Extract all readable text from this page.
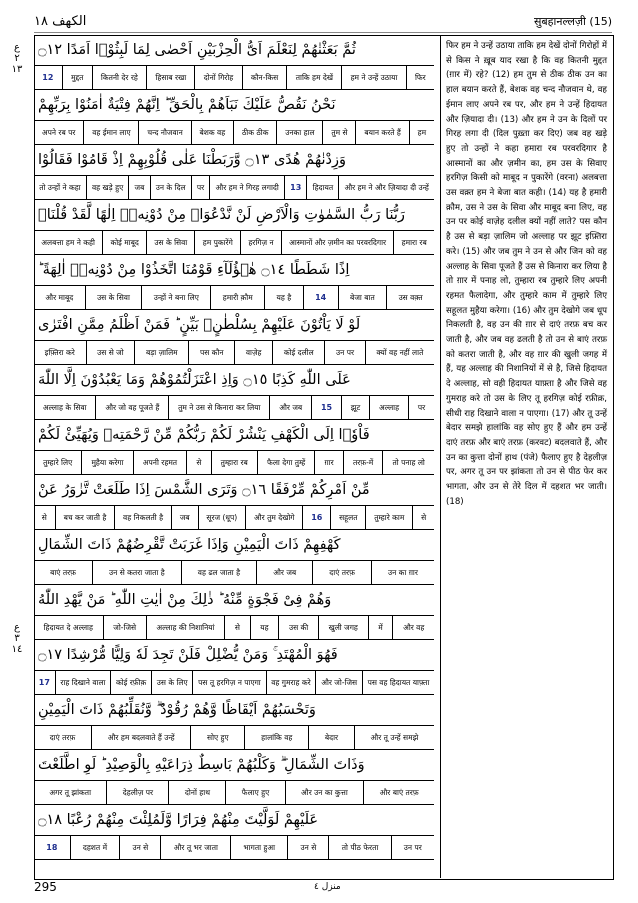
الکهف ١٨	सुबहानल्लज़ी (15)
ع
٢
١٣
ع
٣
١٤
ثُمَّ بَعَثْنٰهُمْ لِنَعْلَمَ اَیُّ الْحِزْبَیْنِ اَحْصٰی لِمَا لَبِثُوْۤا اَمَدًا ۝١٢
फिर
हम ने उन्हें उठाया
ताकि हम देखें
कौन-किस
दोनों गिरोह
हिसाब रखा
कितनी देर रहे
मुद्दत
12
نَحْنُ نَقُصُّ عَلَیْكَ نَبَاَهُمْ بِالْحَقِّ ؕ اِنَّهُمْ فِتْیَةٌ اٰمَنُوْا بِرَبِّهِمْ
हम
बयान करते हैं
तुम से
उनका हाल
ठीक ठीक
बेशक वह
चन्द नौजवान
वह ईमान लाए
अपने रब पर
وَزِدْنٰهُمْ هُدًی ۝١٣ وَّرَبَطْنَا عَلٰی قُلُوْبِهِمْ اِذْ قَامُوْا فَقَالُوْا
और हम ने और ज़ियादा दी उन्हें
हिदायत
13
और हम ने गिरह लगादी
पर
उन के दिल
जब
वह खड़े हुए
तो उन्हों ने कहा
رَبُّنَا رَبُّ السَّمٰوٰتِ وَالْاَرْضِ لَنْ نَّدْعُوَاۡ مِنْ دُوْنِهٖۤ اِلٰهًا لَّقَدْ قُلْنَاۤ
हमारा रब
आस्मानों और ज़मीन का परवरदिगार
हरगिज़ न
हम पुकारेंगे
उस के सिवा
कोई माबूद
अलबत्ता हम ने कही
اِذًا شَطَطًا ۝١٤ هٰۤؤُلَآءِ قَوْمُنَا اتَّخَذُوْا مِنْ دُوْنِهٖۤ اٰلِهَةً ؕ
उस वक़्त
बेजा बात
14
यह है
हमारी क़ौम
उन्हों ने बना लिए
उस के सिवा
और माबूद
لَوْ لَا یَاْتُوْنَ عَلَیْهِمْ بِسُلْطٰنٍۭ بَیِّنٍ ؕ فَمَنْ اَظْلَمُ مِمَّنِ افْتَرٰی
क्यों वह नहीं लाते
उन पर
कोई दलील
वाज़ेह
पस कौन
बड़ा ज़ालिम
उस से जो
इफ़्तिरा करे
عَلَی اللّٰهِ كَذِبًا ۝١٥ وَاِذِ اعْتَزَلْتُمُوْهُمْ وَمَا یَعْبُدُوْنَ اِلَّا اللّٰهَ
पर
अल्लाह
झूट
15
और जब
तुम ने उस से किनारा कर लिया
और जो वह पूजते हैं
अल्लाह के सिवा
فَاْوٗۤا اِلَی الْكَهْفِ یَنْشُرْ لَكُمْ رَبُّكُمْ مِّنْ رَّحْمَتِهٖ وَیُهَیِّئْ لَكُمْ
तो पनाह लो
तरफ़-में
ग़ार
फैला देगा तुम्हें
तुम्हारा रब
से
अपनी रहमत
मुहैया करेगा
तुम्हारे लिए
مِّنْ اَمْرِكُمْ مِّرْفَقًا ۝١٦ وَتَرَی الشَّمْسَ اِذَا طَلَعَتْ تَّزٰوَرُ عَنْ
से
तुम्हारे काम
सहूलत
16
और तुम देखोगे
सूरज (धूप)
जब
वह निकलती है
बच कर जाती है
से
كَهْفِهِمْ ذَاتَ الْیَمِیْنِ وَاِذَا غَرَبَتْ تَّقْرِضُهُمْ ذَاتَ الشِّمَالِ
उन का ग़ार
दाएं तरफ़
और जब
वह ढल जाता है
उन से कतरा जाता है
बाएं तरफ़
وَهُمْ فِیْ فَجْوَةٍ مِّنْهُ ؕ ذٰلِكَ مِنْ اٰیٰتِ اللّٰهِ ؕ مَنْ یَّهْدِ اللّٰهُ
और वह
में
खुली जगह
उस की
यह
से
अल्लाह की निशानियां
जो-जिसे
हिदायत दे अल्लाह
فَهُوَ الْمُهْتَدِ ۚ وَمَنْ یُّضْلِلْ فَلَنْ تَجِدَ لَهٗ وَلِیًّا مُّرْشِدًا ۝١٧
पस वह हिदायत याफ़्ता
और जो-जिस
वह गुमराह करे
पस तू हरगिज़ न पाएगा
उस के लिए
कोई रफ़ीक़
राह दिखाने वाला
17
وَتَحْسَبُهُمْ اَیْقَاظًا وَّهُمْ رُقُوْدٌ ۖۗ وَّنُقَلِّبُهُمْ ذَاتَ الْیَمِیْنِ
और तू उन्हें समझे
बेदार
हालांकि वह
सोए हुए
और हम बदलवाते हैं उन्हें
दाएं तरफ़
وَذَاتَ الشِّمَالِ ۖۗ وَكَلْبُهُمْ بَاسِطٌ ذِرَاعَیْهِ بِالْوَصِیْدِ ؕ لَوِ اطَّلَعْتَ
और बाएं तरफ़
और उन का कुत्ता
फैलाए हुए
दोनों हाथ
देहलीज़ पर
अगर तू झांकता
عَلَیْهِمْ لَوَلَّیْتَ مِنْهُمْ فِرَارًا وَّلَمُلِئْتَ مِنْهُمْ رُعْبًا ۝١٨
उन पर
तो पीठ फेरता
उन से
भागता हुआ
और तू भर जाता
उन से
दहशत में
18
फिर हम ने उन्हें उठाया ताकि हम देखें दोनों गिरोहों में से किस ने ख़ूब याद रखा है कि वह कितनी मुद्दत (ग़ार में) रहे? (12) हम तुम से ठीक ठीक उन का हाल बयान करते हैं, बेशक वह चन्द नौजवान थे, वह ईमान लाए अपने रब पर, और हम ने उन्हें हिदायत और ज़ियादा दी। (13) और हम ने उन के दिलों पर गिरह लगा दी (दिल पुख़्ता कर दिए) जब वह खड़े हुए तो उन्हों ने कहा हमारा रब परवरदिगार है आस्मानों का और ज़मीन का, हम उस के सिवाए हरगिज़ किसी को माबूद न पुकारेंगे (वरना) अलबत्ता उस वक़्त हम ने बेजा बात कही। (14) यह है हमारी क़ौम, उस ने उस के सिवा और माबूद बना लिए, वह उन पर कोई वाज़ेह दलील क्यों नहीं लाते? पस कौन है उस से बड़ा ज़ालिम जो अल्लाह पर झूट इफ़्तिरा करे। (15) और जब तुम ने उन से और जिन को वह अल्लाह के सिवा पूजते हैं उस से किनारा कर लिया है तो ग़ार में पनाह लो, तुम्हारा रब तुम्हारे लिए अपनी रहमत फैलादेगा, और तुम्हारे काम में तुम्हारे लिए सहूलत मुहैया करेगा। (16) और तुम देखोगे जब धूप निकलती है, वह उन की ग़ार से दाएं तरफ़ बच कर जाती है, और जब वह ढलती है तो उन से बाएं तरफ़ को कतरा जाती है, और वह ग़ार की खुली जगह में हैं, यह अल्लाह की निशानियों में से है, जिसे हिदायत दे अल्लाह, सो वही हिदायत याफ़्ता है और जिसे वह गुमराह करे तो उस के लिए तू हरगिज़ कोई रफ़ीक़, सीधी राह दिखाने वाला न पाएगा। (17) और तू उन्हें बेदार समझे हालांकि वह सोए हुए हैं और हम उन्हें दाएं तरफ़ और बाएं तरफ़ (करवट) बदलवाते हैं, और उन का कुत्ता दोनों हाथ (पंजे) फैलाए हुए है देहलीज़ पर, अगर तू उन पर झांकता तो उन से पीठ फेर कर भागता, और उन से तेरे दिल में दहशत भर जाती। (18)
295	منزل ٤
